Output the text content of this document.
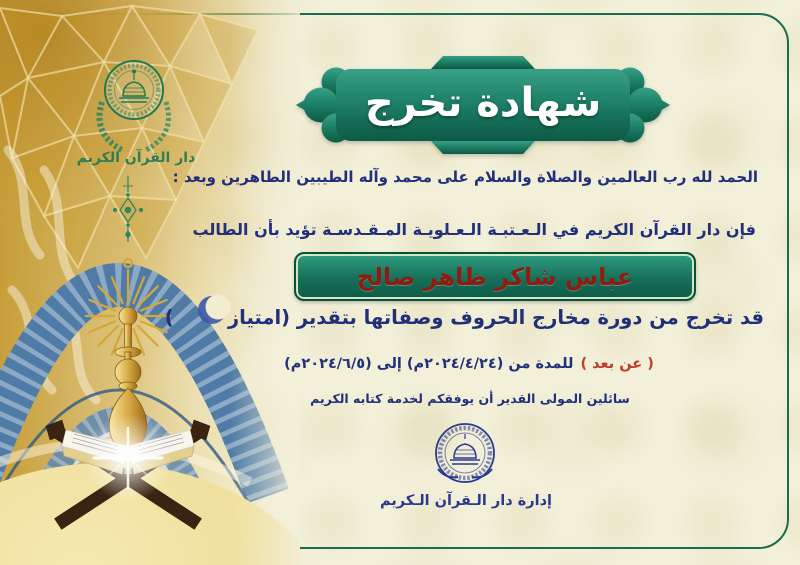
دار القرآن الكريم
شهادة تخرج
الحمد لله رب العالمين والصلاة والسلام على محمد وآله الطيبين الطاهرين وبعد :
فإن دار القرآن الكريم في الـعـتبـة الـعـلويـة المـقـدسـة تؤيد بأن الطالب
عباس شاكر ظاهر صالح
قد تخرج من دورة مخارج الحروف وصفاتها بتقدير (امتياز        )
( عن بعد )للمدة من (٢٠٢٤/٤/٢٤م) إلى (٢٠٢٤/٦/٥م)
سائلين المولى القدير أن يوفقكم لخدمة كتابه الكريم
إدارة دار الـقرآن الـكريم
